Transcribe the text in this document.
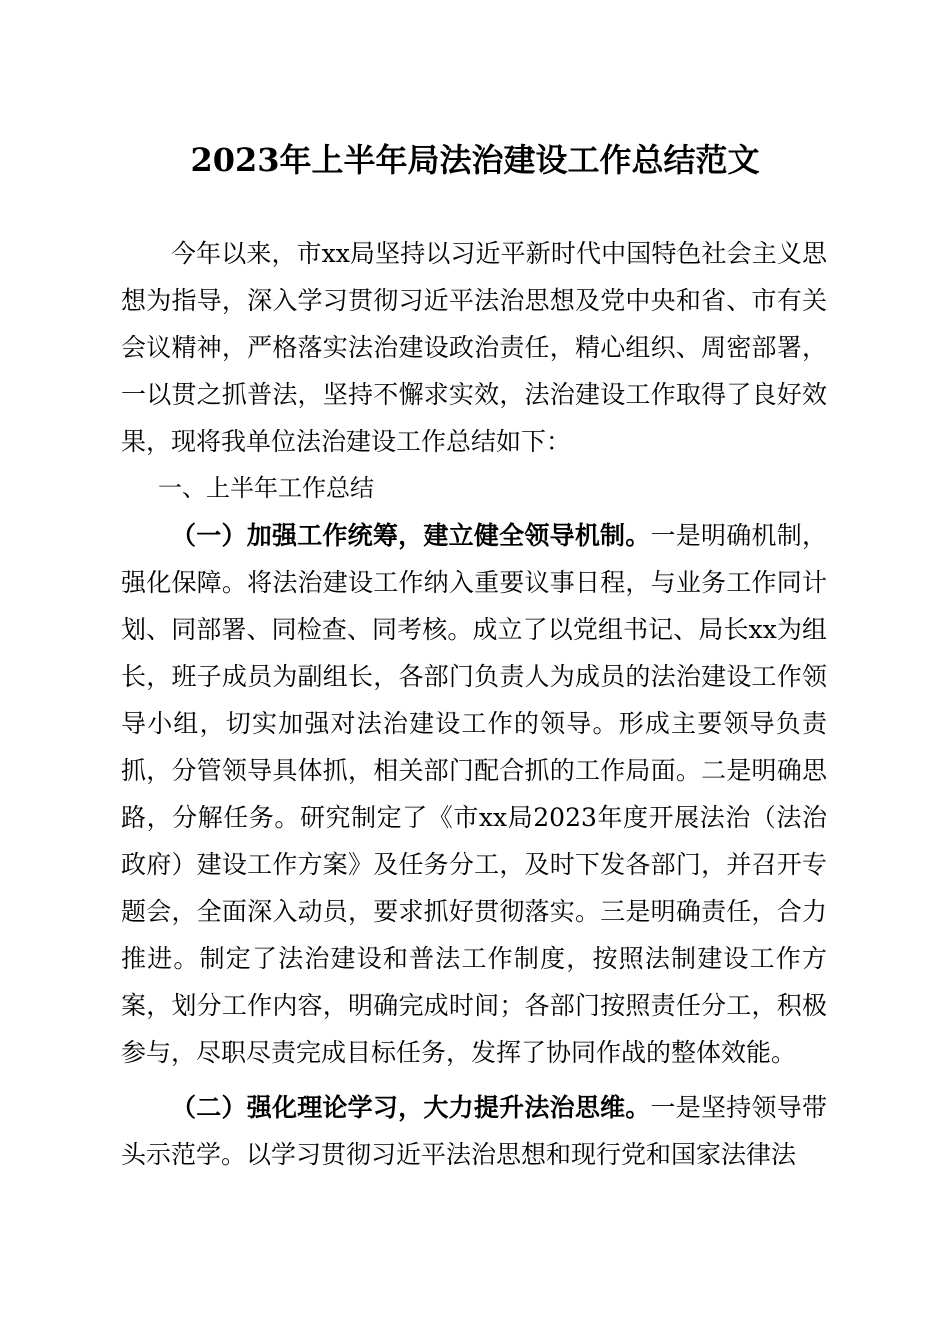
2023年上半年局法治建设工作总结范文

今年以来，市xx局坚持以习近平新时代中国特色社会主义思想为指导，深入学习贯彻习近平法治思想及党中央和省、市有关会议精神，严格落实法治建设政治责任，精心组织、周密部署，一以贯之抓普法，坚持不懈求实效，法治建设工作取得了良好效果，现将我单位法治建设工作总结如下：

一、上半年工作总结

（一）加强工作统筹，建立健全领导机制。一是明确机制，强化保障。将法治建设工作纳入重要议事日程，与业务工作同计划、同部署、同检查、同考核。成立了以党组书记、局长xx为组长，班子成员为副组长，各部门负责人为成员的法治建设工作领导小组，切实加强对法治建设工作的领导。形成主要领导负责抓，分管领导具体抓，相关部门配合抓的工作局面。二是明确思路，分解任务。研究制定了《市xx局2023年度开展法治（法治政府）建设工作方案》及任务分工，及时下发各部门，并召开专题会，全面深入动员，要求抓好贯彻落实。三是明确责任，合力推进。制定了法治建设和普法工作制度，按照法制建设工作方案，划分工作内容，明确完成时间；各部门按照责任分工，积极参与，尽职尽责完成目标任务，发挥了协同作战的整体效能。

（二）强化理论学习，大力提升法治思维。一是坚持领导带头示范学。以学习贯彻习近平法治思想和现行党和国家法律法
